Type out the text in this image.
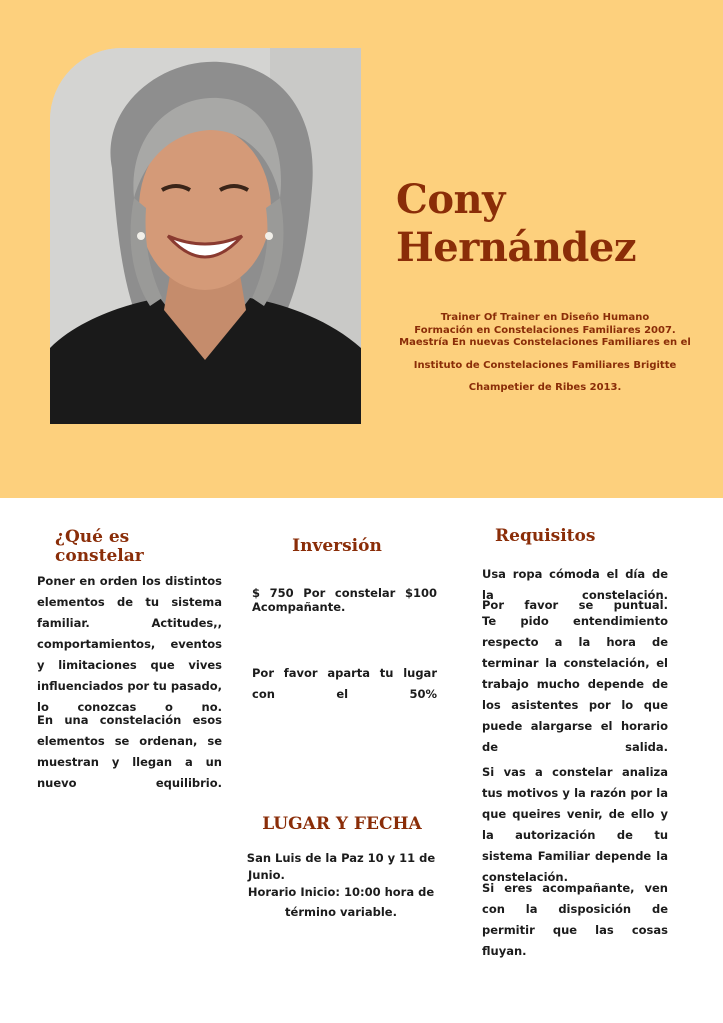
Cony
Hernández
Trainer Of Trainer en Diseño Humano
Formación en Constelaciones Familiares 2007.
Maestría En nuevas Constelaciones Familiares en el
Instituto de Constelaciones Familiares Brigitte
Champetier de Ribes 2013.
¿Qué es
constelar
Poner en orden los distintos elementos de tu sistema familiar. Actitudes,, comportamientos, eventos y limitaciones que vives influenciados por tu pasado, lo conozcas o no.
En una constelación esos elementos se ordenan, se muestran y llegan a un nuevo equilibrio.
Inversión
$ 750 Por constelar $100 Acompañante.
Por favor aparta tu lugar con el 50%
LUGAR Y FECHA
San Luis de la Paz 10 y 11 de
Junio.
Horario Inicio: 10:00 hora de
término variable.
Requisitos
Usa ropa cómoda el día de la constelación.
Por favor se puntual.
Te pido entendimiento respecto a la hora de terminar la constelación, el trabajo mucho depende de los asistentes por lo que puede alargarse el horario de salida.
Si vas a constelar analiza tus motivos y la razón por la que queires venir, de ello y la autorización de tu sistema Familiar depende la constelación.
Si eres acompañante, ven con la disposición de permitir que las cosas fluyan.
